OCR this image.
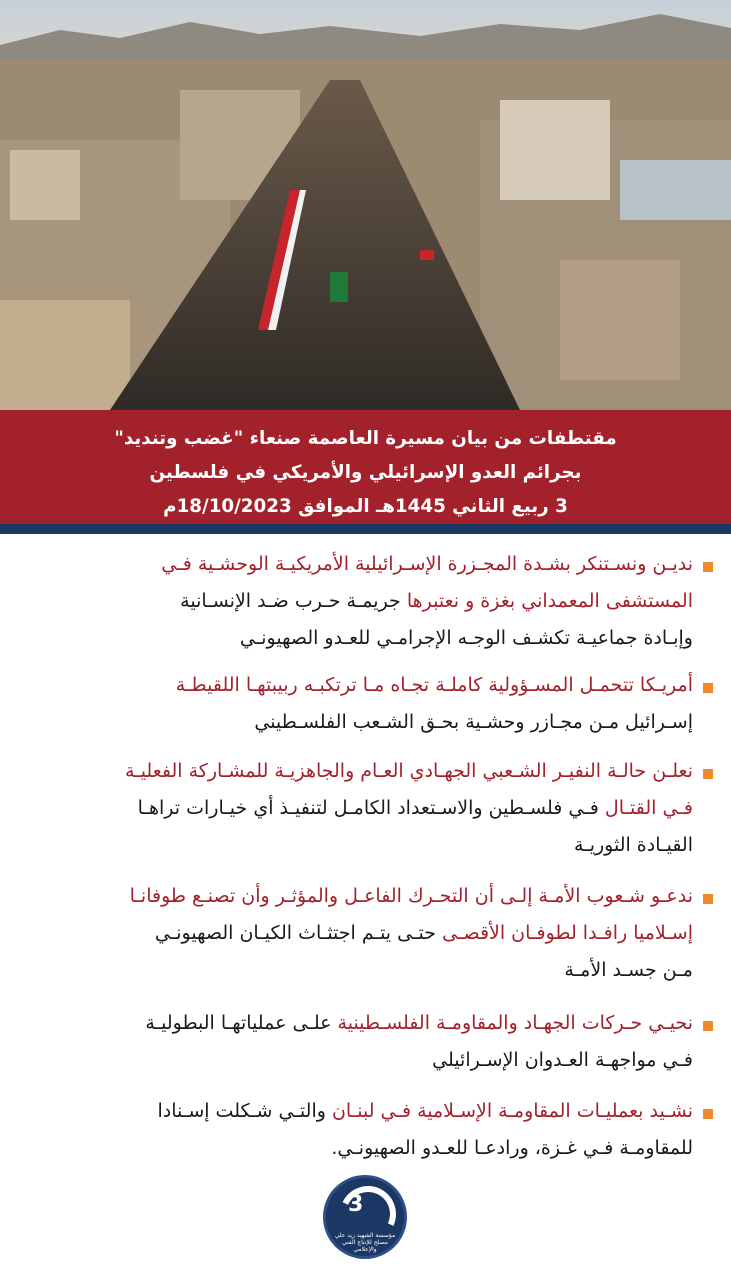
مقتطفات من بيان مسيرة العاصمة صنعاء "غضب وتنديد"
بجرائم العدو الإسرائيلي والأمريكي في فلسطين
3 ربيع الثاني 1445هـ الموافق 18/10/2023م
نديـن ونسـتنكر بشـدة المجـزرة الإسـرائيلية الأمريكيـة الوحشـية فـي
المستشفى المعمداني بغزة و نعتبرها جريمـة حـرب ضـد الإنسـانية
وإبـادة جماعيـة تكشـف الوجـه الإجرامـي للعـدو الصهيونـي
أمريـكا تتحمـل المسـؤولية كاملـة تجـاه مـا ترتكبـه ربيبتهـا اللقيطـة
إسـرائيل مـن مجـازر وحشـية بحـق الشـعب الفلسـطيني
نعلـن حالـة النفيـر الشـعبي الجهـادي العـام والجاهزيـة للمشـاركة الفعليـة
فـي القتـال فـي فلسـطين والاسـتعداد الكامـل لتنفيـذ أي خيـارات تراهـا
القيـادة الثوريـة
ندعـو شـعوب الأمـة إلـى أن التحـرك الفاعـل والمؤثـر وأن تصنـع طوفانـا
إسـلاميا رافـدا لطوفـان الأقصـى حتـى يتـم اجتثـاث الكيـان الصهيونـي
مـن جسـد الأمـة
نحيـي حـركات الجهـاد والمقاومـة الفلسـطينية علـى عملياتهـا البطوليـة
فـي مواجهـة العـدوان الإسـرائيلي
نشـيد بعمليـات المقاومـة الإسـلامية فـي لبنـان والتـي شـكلت إسـنادا
للمقاومـة فـي غـزة، ورادعـا للعـدو الصهيونـي.
3
مؤسسة الشهيد زيد علي مصلح للإنتاج الفني والإعلامي
